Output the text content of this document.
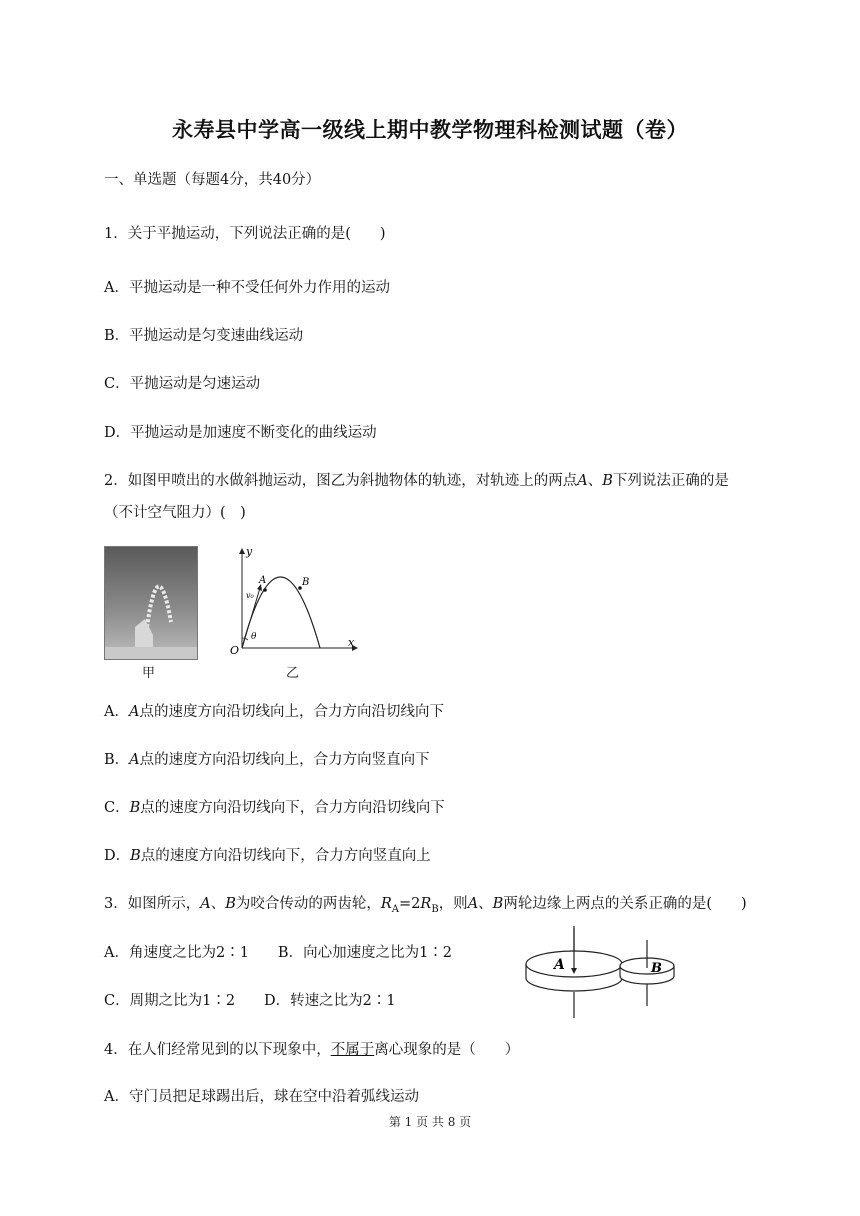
永寿县中学高一级线上期中教学物理科检测试题（卷）
一、单选题（每题4分，共40分）
1．关于平抛运动，下列说法正确的是(　　)
A．平抛运动是一种不受任何外力作用的运动
B．平抛运动是匀变速曲线运动
C．平抛运动是匀速运动
D．平抛运动是加速度不断变化的曲线运动
2．如图甲喷出的水做斜抛运动，图乙为斜抛物体的轨迹，对轨迹上的两点A、B下列说法正确的是
（不计空气阻力）(　)
甲
y
x
O
A	B
v₀
θ
乙
A．A点的速度方向沿切线向上，合力方向沿切线向下
B．A点的速度方向沿切线向上，合力方向竖直向下
C．B点的速度方向沿切线向下，合力方向沿切线向下
D．B点的速度方向沿切线向下，合力方向竖直向上
3．如图所示，A、B为咬合传动的两齿轮，$R_A=2R_B$，则A、B两轮边缘上两点的关系正确的是(　　)
A．角速度之比为2∶1　　B．向心加速度之比为1∶2
C．周期之比为1∶2　　D．转速之比为2∶1
A	B
4．在人们经常见到的以下现象中，不属于离心现象的是（　　）
A．守门员把足球踢出后，球在空中沿着弧线运动
第 1 页 共 8 页
